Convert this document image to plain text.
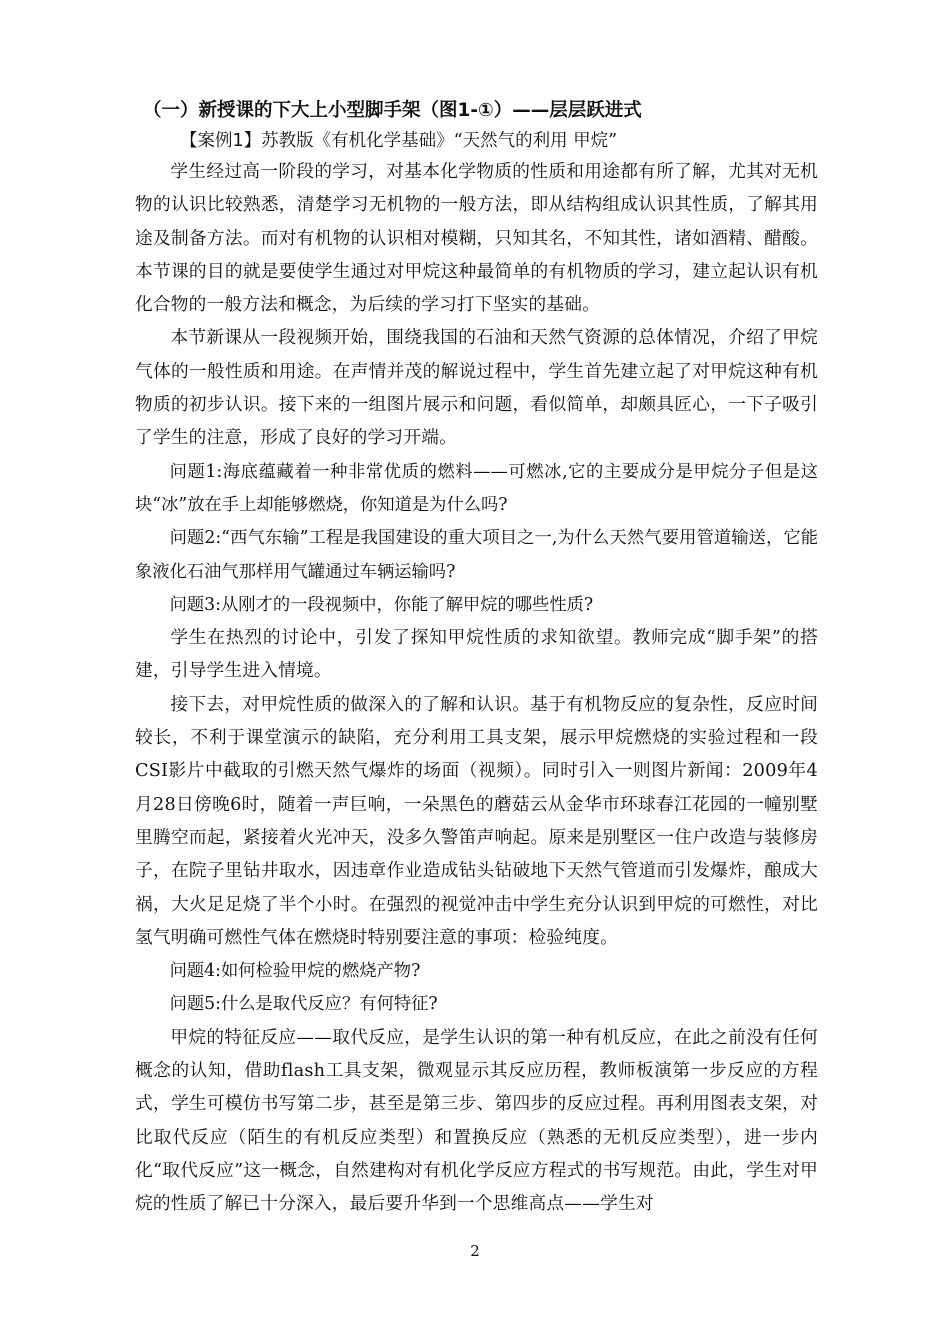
（一）新授课的下大上小型脚手架（图1-①）——层层跃进式

【案例1】苏教版《有机化学基础》“天然气的利用 甲烷”

学生经过高一阶段的学习，对基本化学物质的性质和用途都有所了解，尤其对无机物的认识比较熟悉，清楚学习无机物的一般方法，即从结构组成认识其性质，了解其用途及制备方法。而对有机物的认识相对模糊，只知其名，不知其性，诸如酒精、醋酸。本节课的目的就是要使学生通过对甲烷这种最简单的有机物质的学习，建立起认识有机化合物的一般方法和概念，为后续的学习打下坚实的基础。

本节新课从一段视频开始，围绕我国的石油和天然气资源的总体情况，介绍了甲烷气体的一般性质和用途。在声情并茂的解说过程中，学生首先建立起了对甲烷这种有机物质的初步认识。接下来的一组图片展示和问题，看似简单，却颇具匠心，一下子吸引了学生的注意，形成了良好的学习开端。

问题1:海底蕴藏着一种非常优质的燃料——可燃冰,它的主要成分是甲烷分子但是这块“冰”放在手上却能够燃烧，你知道是为什么吗?

问题2:“西气东输”工程是我国建设的重大项目之一,为什么天然气要用管道输送，它能象液化石油气那样用气罐通过车辆运输吗?

问题3:从刚才的一段视频中，你能了解甲烷的哪些性质?

学生在热烈的讨论中，引发了探知甲烷性质的求知欲望。教师完成“脚手架”的搭建，引导学生进入情境。

接下去，对甲烷性质的做深入的了解和认识。基于有机物反应的复杂性，反应时间较长，不利于课堂演示的缺陷，充分利用工具支架，展示甲烷燃烧的实验过程和一段CSI影片中截取的引燃天然气爆炸的场面（视频）。同时引入一则图片新闻：2009年4月28日傍晚6时，随着一声巨响，一朵黑色的蘑菇云从金华市环球春江花园的一幢别墅里腾空而起，紧接着火光冲天，没多久警笛声响起。原来是别墅区一住户改造与装修房子，在院子里钻井取水，因违章作业造成钻头钻破地下天然气管道而引发爆炸，酿成大祸，大火足足烧了半个小时。在强烈的视觉冲击中学生充分认识到甲烷的可燃性，对比氢气明确可燃性气体在燃烧时特别要注意的事项：检验纯度。

问题4:如何检验甲烷的燃烧产物?

问题5:什么是取代反应？有何特征?

甲烷的特征反应——取代反应，是学生认识的第一种有机反应，在此之前没有任何概念的认知，借助flash工具支架，微观显示其反应历程，教师板演第一步反应的方程式，学生可模仿书写第二步，甚至是第三步、第四步的反应过程。再利用图表支架，对比取代反应（陌生的有机反应类型）和置换反应（熟悉的无机反应类型），进一步内化“取代反应”这一概念，自然建构对有机化学反应方程式的书写规范。由此，学生对甲烷的性质了解已十分深入，最后要升华到一个思维高点——学生对

2
